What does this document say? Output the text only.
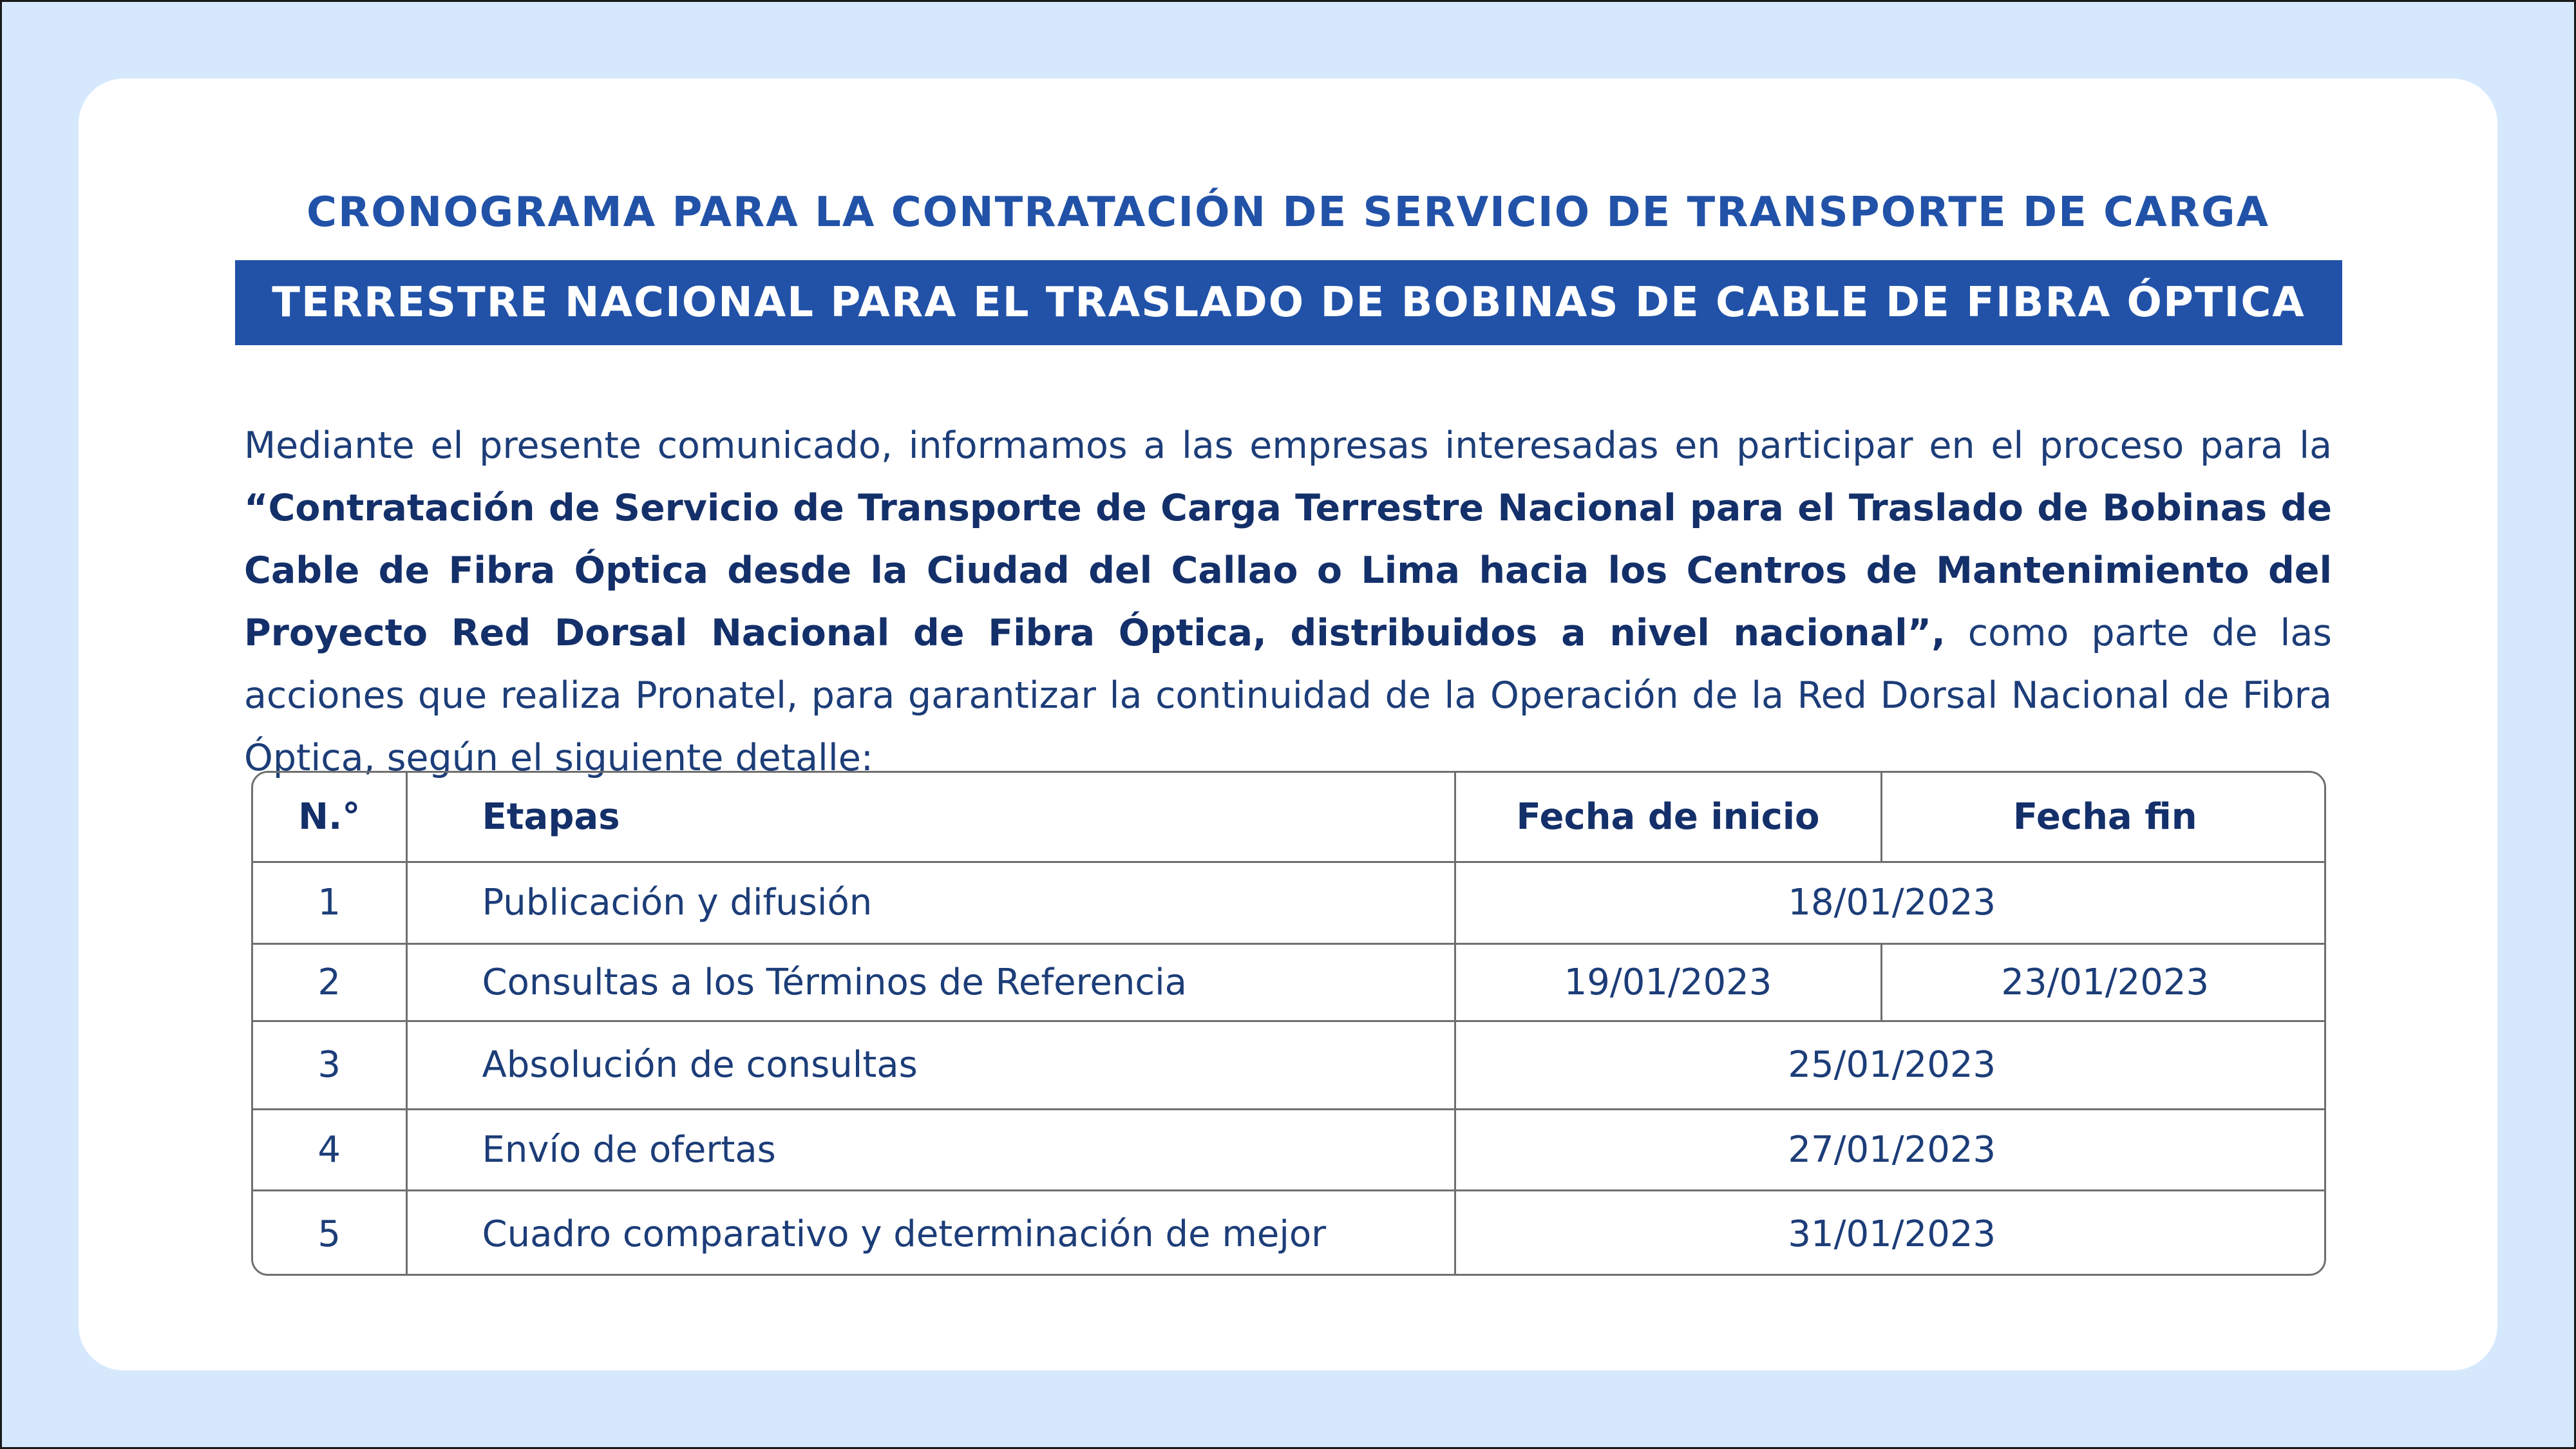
CRONOGRAMA PARA LA CONTRATACIÓN DE SERVICIO DE TRANSPORTE DE CARGA
TERRESTRE NACIONAL PARA EL TRASLADO DE BOBINAS DE CABLE DE FIBRA ÓPTICA

Mediante el presente comunicado, informamos a las empresas interesadas en participar en el proceso para la “Contratación de Servicio de Transporte de Carga Terrestre Nacional para el Traslado de Bobinas de Cable de Fibra Óptica desde la Ciudad del Callao o Lima hacia los Centros de Mantenimiento del Proyecto Red Dorsal Nacional de Fibra Óptica, distribuidos a nivel nacional”, como parte de las acciones que realiza Pronatel, para garantizar la continuidad de la Operación de la Red Dorsal Nacional de Fibra Óptica, según el siguiente detalle:

N.°	Etapas	Fecha de inicio	Fecha fin
1	Publicación y difusión	18/01/2023	
2	Consultas a los Términos de Referencia	19/01/2023	23/01/2023
3	Absolución de consultas	25/01/2023	
4	Envío de ofertas	27/01/2023	
5	Cuadro comparativo y determinación de mejor	31/01/2023	
